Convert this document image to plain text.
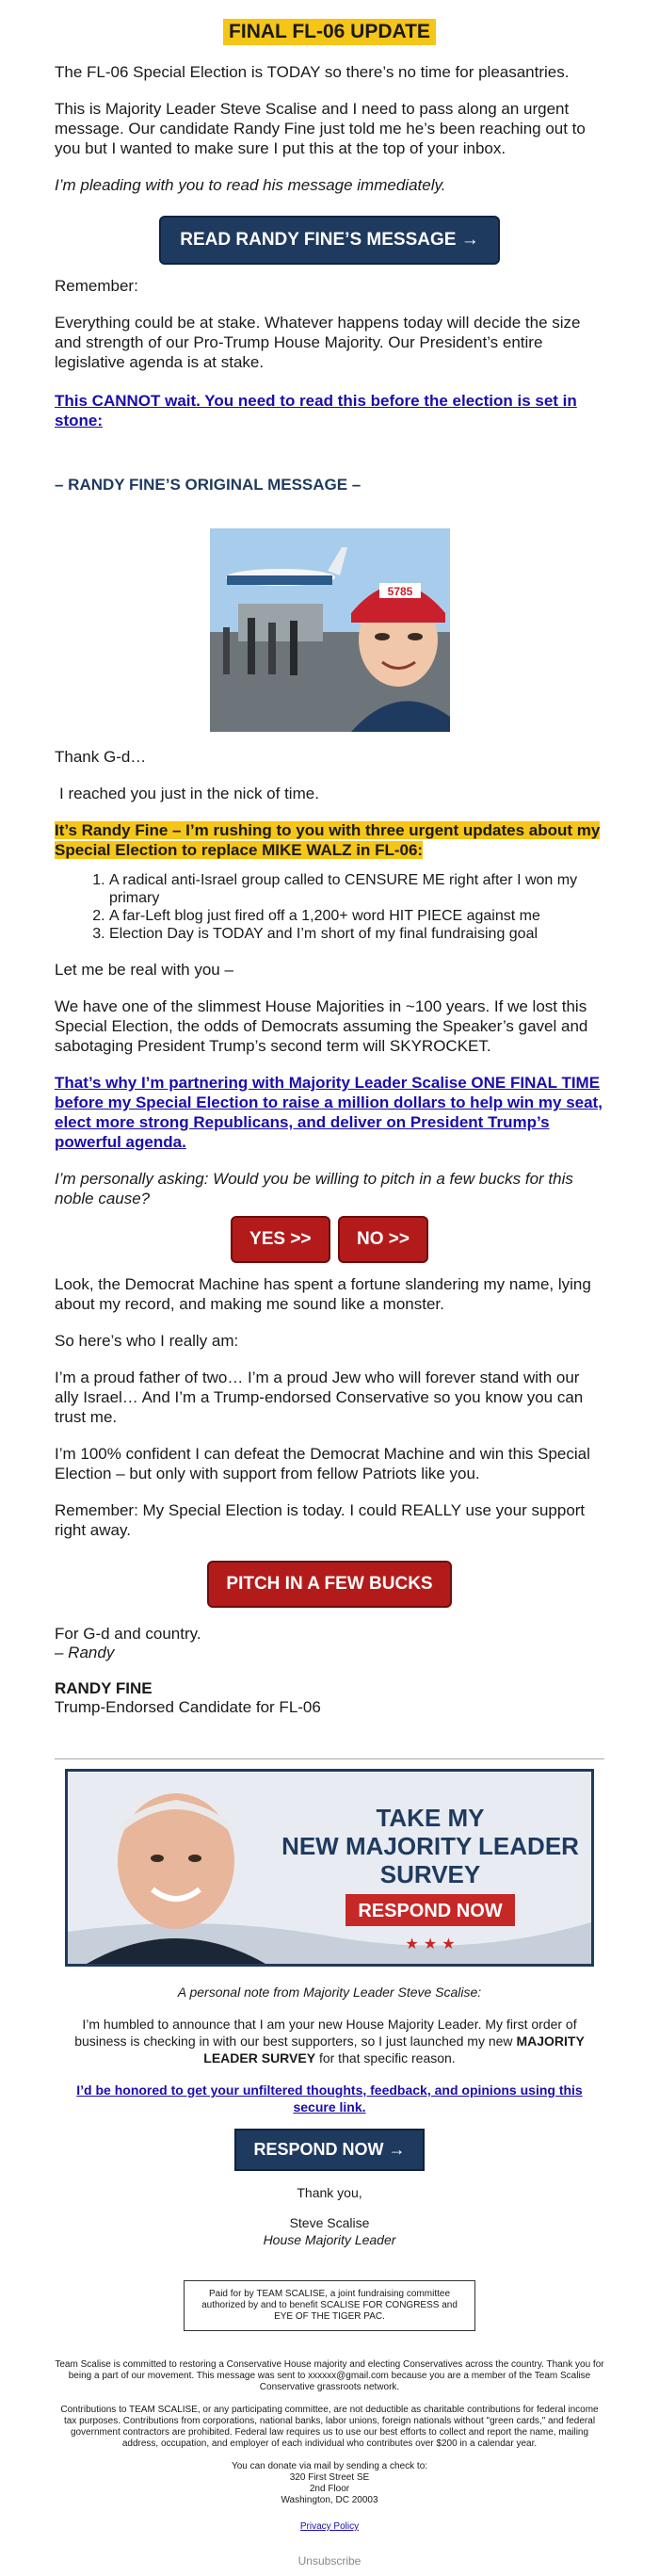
FINAL FL-06 UPDATE

The FL-06 Special Election is TODAY so there’s no time for pleasantries.

This is Majority Leader Steve Scalise and I need to pass along an urgent message. Our candidate Randy Fine just told me he’s been reaching out to you but I wanted to make sure I put this at the top of your inbox.

I’m pleading with you to read his message immediately.

READ RANDY FINE’S MESSAGE →

Remember:

Everything could be at stake. Whatever happens today will decide the size and strength of our Pro-Trump House Majority. Our President’s entire legislative agenda is at stake.

This CANNOT wait. You need to read this before the election is set in stone:

– RANDY FINE’S ORIGINAL MESSAGE –
5785

Thank G-d…

I reached you just in the nick of time.

It’s Randy Fine – I’m rushing to you with three urgent updates about my Special Election to replace MIKE WALZ in FL-06:

1. A radical anti-Israel group called to CENSURE ME right after I won my primary
2. A far-Left blog just fired off a 1,200+ word HIT PIECE against me
3. Election Day is TODAY and I’m short of my final fundraising goal

Let me be real with you –

We have one of the slimmest House Majorities in ~100 years. If we lost this Special Election, the odds of Democrats assuming the Speaker’s gavel and sabotaging President Trump’s second term will SKYROCKET.

That’s why I’m partnering with Majority Leader Scalise ONE FINAL TIME before my Special Election to raise a million dollars to help win my seat, elect more strong Republicans, and deliver on President Trump’s powerful agenda.

I’m personally asking: Would you be willing to pitch in a few bucks for this noble cause?

YES >>	NO >>

Look, the Democrat Machine has spent a fortune slandering my name, lying about my record, and making me sound like a monster.

So here’s who I really am:

I’m a proud father of two… I’m a proud Jew who will forever stand with our ally Israel… And I’m a Trump-endorsed Conservative so you know you can trust me.

I’m 100% confident I can defeat the Democrat Machine and win this Special Election – but only with support from fellow Patriots like you.

Remember: My Special Election is today. I could REALLY use your support right away.

PITCH IN A FEW BUCKS
For G-d and country.
– Randy
RANDY FINE
Trump-Endorsed Candidate for FL-06
TAKE MY
NEW MAJORITY LEADER
SURVEY
RESPOND NOW
★ ★ ★
A personal note from Majority Leader Steve Scalise:
I’m humbled to announce that I am your new House Majority Leader. My first order of business is checking in with our best supporters, so I just launched my new MAJORITY LEADER SURVEY for that specific reason.
I’d be honored to get your unfiltered thoughts, feedback, and opinions using this secure link.
RESPOND NOW →
Thank you,
Steve Scalise
House Majority Leader
Paid for by TEAM SCALISE, a joint fundraising committee authorized by and to benefit SCALISE FOR CONGRESS and EYE OF THE TIGER PAC.
Team Scalise is committed to restoring a Conservative House majority and electing Conservatives across the country. Thank you for being a part of our movement. This message was sent to xxxxxx@gmail.com because you are a member of the Team Scalise Conservative grassroots network.
Contributions to TEAM SCALISE, or any participating committee, are not deductible as charitable contributions for federal income tax purposes. Contributions from corporations, national banks, labor unions, foreign nationals without "green cards," and federal government contractors are prohibited. Federal law requires us to use our best efforts to collect and report the name, mailing address, occupation, and employer of each individual who contributes over $200 in a calendar year.
You can donate via mail by sending a check to:
320 First Street SE
2nd Floor
Washington, DC 20003
Privacy Policy
Unsubscribe
